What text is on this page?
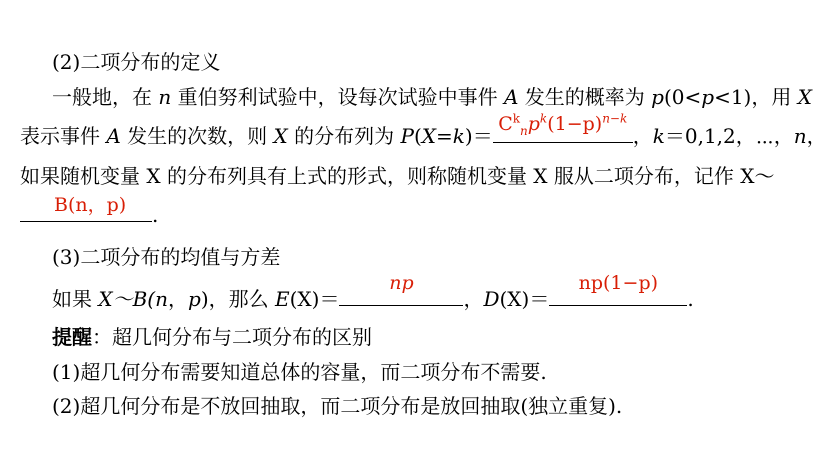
(2)二项分布的定义
一般地，在 n 重伯努利试验中，设每次试验中事件 A 发生的概率为 p(0<p<1)，用 X
表示事件 A 发生的次数，则 X 的分布列为 $P(X=k)= C^k_np^k(1-p)^{n-k}$
，k＝0,1,2，⋯，n，
如果随机变量 X 的分布列具有上式的形式，则称随机变量 X 服从二项分布，记作 X～
B(n，p)	.
(3)二项分布的均值与方差
如果 X～B(n，p)，那么 E(X)＝
np
，D(X)＝
np(1−p)
.
提醒：超几何分布与二项分布的区别
(1)超几何分布需要知道总体的容量，而二项分布不需要.
(2)超几何分布是不放回抽取，而二项分布是放回抽取(独立重复).
